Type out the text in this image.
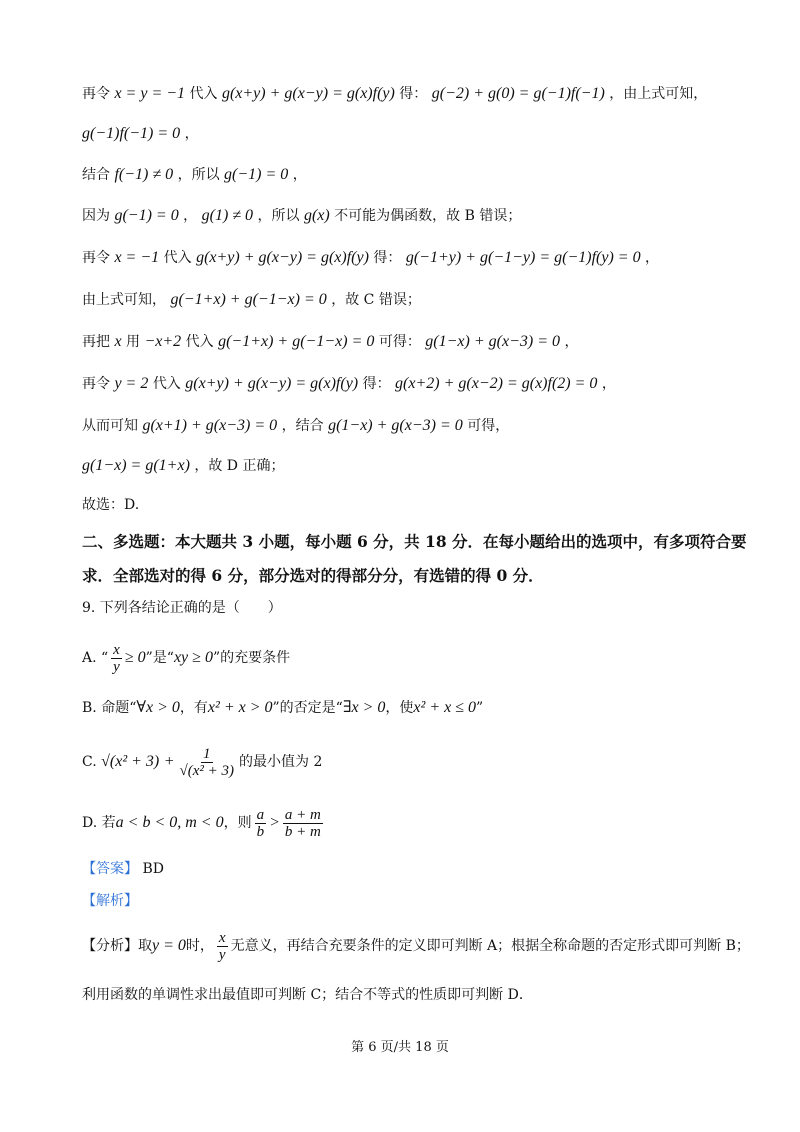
再令 x = y = −1 代入 g(x+y) + g(x−y) = g(x)f(y) 得： g(−2) + g(0) = g(−1)f(−1) ，由上式可知，
g(−1)f(−1) = 0 ，
结合 f(−1) ≠ 0 ，所以 g(−1) = 0 ，
因为 g(−1) = 0 ， g(1) ≠ 0 ，所以 g(x) 不可能为偶函数，故 B 错误；
再令 x = −1 代入 g(x+y) + g(x−y) = g(x)f(y) 得： g(−1+y) + g(−1−y) = g(−1)f(y) = 0 ，
由上式可知， g(−1+x) + g(−1−x) = 0 ，故 C 错误；
再把 x 用 −x+2 代入 g(−1+x) + g(−1−x) = 0 可得： g(1−x) + g(x−3) = 0 ，
再令 y = 2 代入 g(x+y) + g(x−y) = g(x)f(y) 得： g(x+2) + g(x−2) = g(x)f(2) = 0 ，
从而可知 g(x+1) + g(x−3) = 0 ，结合 g(1−x) + g(x−3) = 0 可得，
g(1−x) = g(1+x) ，故 D 正确；
故选：D.
二、多选题：本大题共 3 小题，每小题 6 分，共 18 分．在每小题给出的选项中，有多项符合要
求．全部选对的得 6 分，部分选对的得部分分，有选错的得 0 分．
9. 下列各结论正确的是（　　）
A. “ $\frac{x}{y} \ge 0$”是“xy ≥ 0”的充要条件
B. 命题“∀x > 0，有x² + x > 0”的否定是“∃x > 0，使x² + x ≤ 0”
C. $√(x^2 + 3) + \frac{1}{\text{√(x² + 3)}}$ 的最小值为 2
D. 若a < b < 0, m < 0，则 $\frac{a}{b} > \frac{a + m}{b + m}$
【答案】 BD
【解析】
【分析】取y = 0时， $\frac{x}{y}$ 无意义，再结合充要条件的定义即可判断 A；根据全称命题的否定形式即可判断 B；
利用函数的单调性求出最值即可判断 C；结合不等式的性质即可判断 D．
第 6 页/共 18 页
